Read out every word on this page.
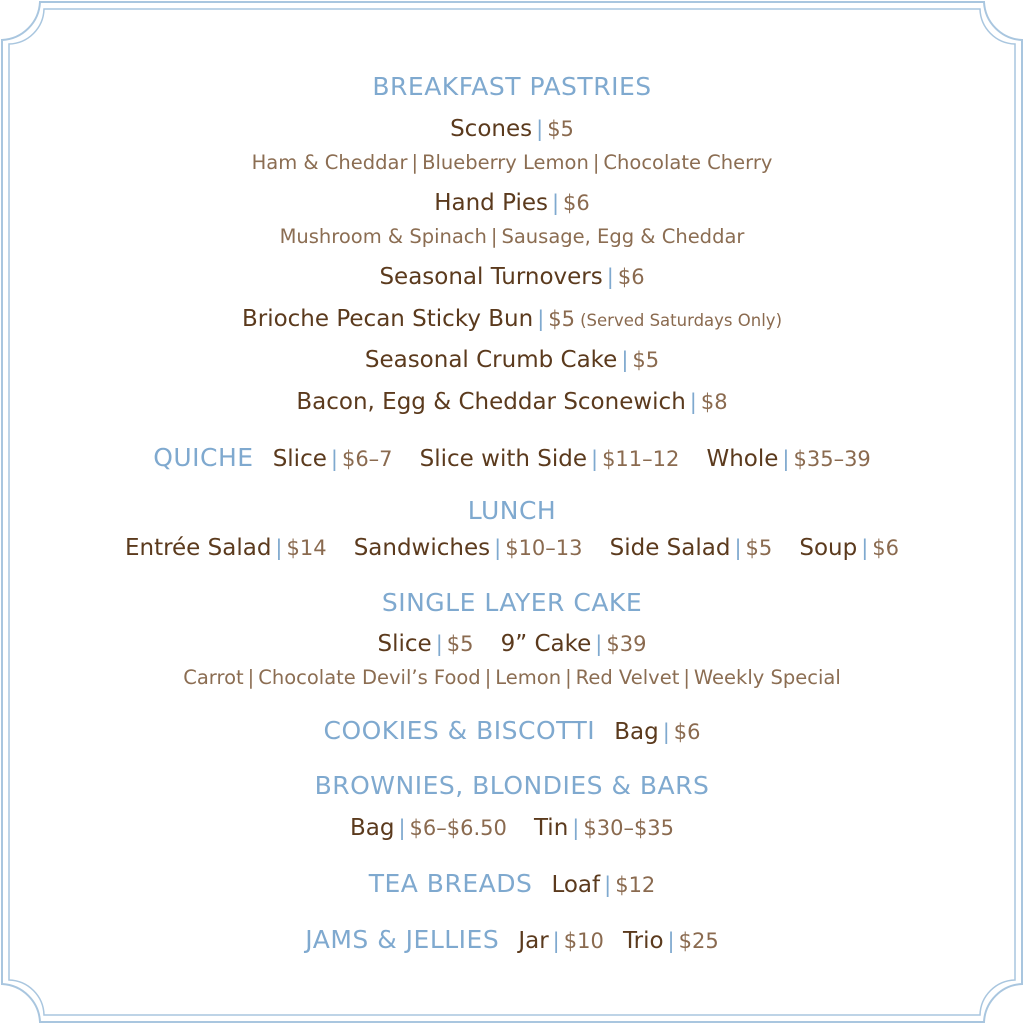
BREAKFAST PASTRIES
Scones | $5
Ham & Cheddar | Blueberry Lemon | Chocolate Cherry
Hand Pies | $6
Mushroom & Spinach | Sausage, Egg & Cheddar
Seasonal Turnovers | $6
Brioche Pecan Sticky Bun | $5 (Served Saturdays Only)
Seasonal Crumb Cake | $5
Bacon, Egg & Cheddar Sconewich | $8
QUICHE Slice | $6–7 Slice with Side | $11–12 Whole | $35–39
LUNCH
Entrée Salad | $14 Sandwiches | $10–13 Side Salad | $5 Soup | $6
SINGLE LAYER CAKE
Slice | $5 9” Cake | $39
Carrot | Chocolate Devil’s Food | Lemon | Red Velvet | Weekly Special
COOKIES & BISCOTTI Bag | $6
BROWNIES, BLONDIES & BARS
Bag | $6–$6.50 Tin | $30–$35
TEA BREADS Loaf | $12
JAMS & JELLIES Jar | $10 Trio | $25
